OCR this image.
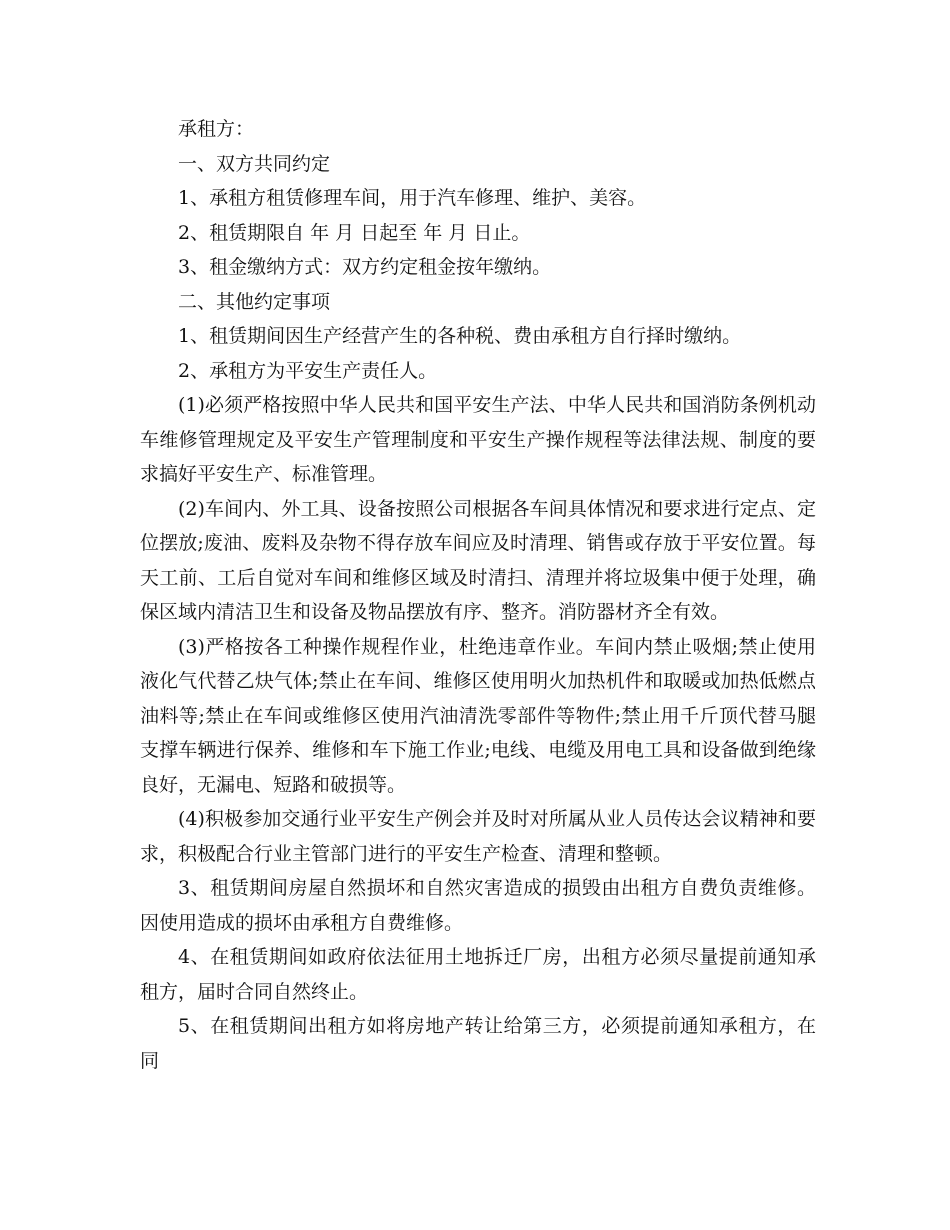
承租方：

一、双方共同约定

1、承租方租赁修理车间，用于汽车修理、维护、美容。

2、租赁期限自 年 月 日起至 年 月 日止。

3、租金缴纳方式：双方约定租金按年缴纳。

二、其他约定事项

1、租赁期间因生产经营产生的各种税、费由承租方自行择时缴纳。

2、承租方为平安生产责任人。

(1)必须严格按照中华人民共和国平安生产法、中华人民共和国消防条例机动车维修管理规定及平安生产管理制度和平安生产操作规程等法律法规、制度的要求搞好平安生产、标准管理。

(2)车间内、外工具、设备按照公司根据各车间具体情况和要求进行定点、定位摆放;废油、废料及杂物不得存放车间应及时清理、销售或存放于平安位置。每天工前、工后自觉对车间和维修区域及时清扫、清理并将垃圾集中便于处理，确保区域内清洁卫生和设备及物品摆放有序、整齐。消防器材齐全有效。

(3)严格按各工种操作规程作业，杜绝违章作业。车间内禁止吸烟;禁止使用液化气代替乙炔气体;禁止在车间、维修区使用明火加热机件和取暖或加热低燃点油料等;禁止在车间或维修区使用汽油清洗零部件等物件;禁止用千斤顶代替马腿支撑车辆进行保养、维修和车下施工作业;电线、电缆及用电工具和设备做到绝缘良好，无漏电、短路和破损等。

(4)积极参加交通行业平安生产例会并及时对所属从业人员传达会议精神和要求，积极配合行业主管部门进行的平安生产检查、清理和整顿。

3、租赁期间房屋自然损坏和自然灾害造成的损毁由出租方自费负责维修。因使用造成的损坏由承租方自费维修。

4、在租赁期间如政府依法征用土地拆迁厂房，出租方必须尽量提前通知承租方，届时合同自然终止。

5、在租赁期间出租方如将房地产转让给第三方，必须提前通知承租方，在同
